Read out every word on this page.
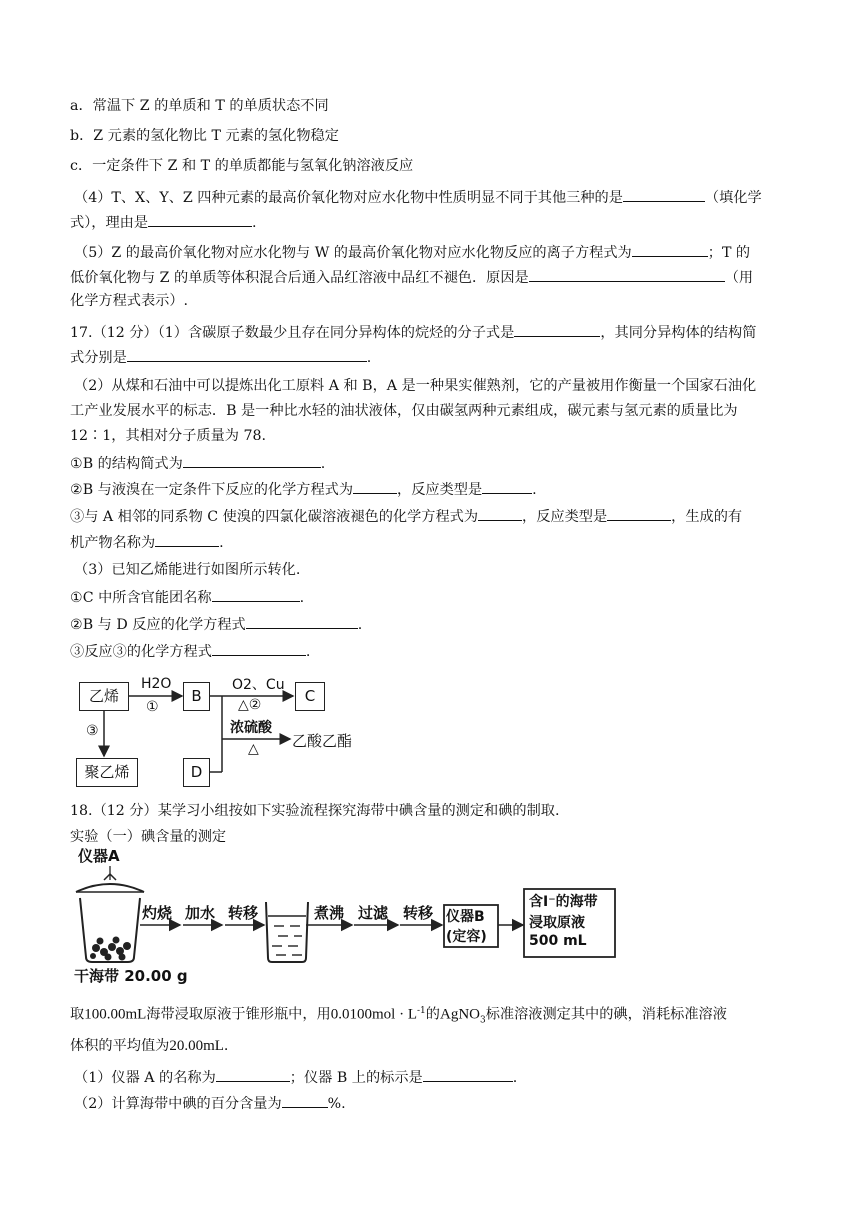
a．常温下 Z 的单质和 T 的单质状态不同
b．Z 元素的氢化物比 T 元素的氢化物稳定
c．一定条件下 Z 和 T 的单质都能与氢氧化钠溶液反应
（4）T、X、Y、Z 四种元素的最高价氧化物对应水化物中性质明显不同于其他三种的是	（填化学
式），理由是	.
（5）Z 的最高价氧化物对应水化物与 W 的最高价氧化物对应水化物反应的离子方程式为	；T 的
低价氧化物与 Z 的单质等体积混合后通入品红溶液中品红不褪色．原因是	（用
化学方程式表示）.
17.（12 分）（1）含碳原子数最少且存在同分异构体的烷烃的分子式是	，其同分异构体的结构简
式分别是	.
（2）从煤和石油中可以提炼出化工原料 A 和 B，A 是一种果实催熟剂，它的产量被用作衡量一个国家石油化
工产业发展水平的标志．B 是一种比水轻的油状液体，仅由碳氢两种元素组成，碳元素与氢元素的质量比为
12∶1，其相对分子质量为 78.
①B 的结构简式为	.
②B 与液溴在一定条件下反应的化学方程式为	，反应类型是	.
③与 A 相邻的同系物 C 使溴的四氯化碳溶液褪色的化学方程式为	，反应类型是	，生成的有
机产物名称为	.
（3）已知乙烯能进行如图所示转化.
①C 中所含官能团名称	.
②B 与 D 反应的化学方程式	.
③反应③的化学方程式	.
乙烯	B	C
D
聚乙烯
H2O
①
O2、Cu
△②
③	浓硫酸
△ 乙酸乙酯
18.（12 分）某学习小组按如下实验流程探究海带中碘含量的测定和碘的制取.
实验（一）碘含量的测定
仪器A
干海带 20.00 g
灼烧 加水 转移	煮沸 过滤 转移 仪器B
(定容)
含I⁻的海带
浸取原液
500 mL
取100.00mL海带浸取原液于锥形瓶中，用$0.0100mol \cdot L^{-1}$的AgNO$_3$标准溶液测定其中的碘，消耗标准溶液
体积的平均值为20.00mL.
（1）仪器 A 的名称为	；仪器 B 上的标示是	.
（2）计算海带中碘的百分含量为	%.
